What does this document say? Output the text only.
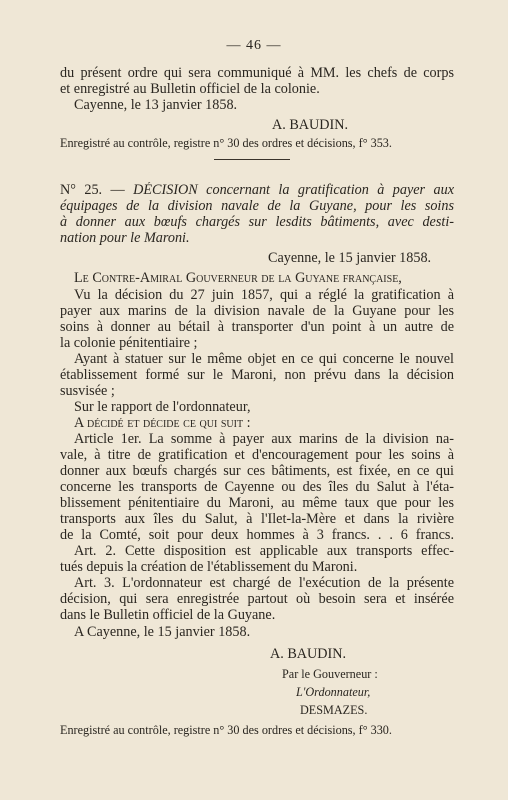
— 46 —
du présent ordre qui sera communiqué à MM. les chefs de corps
et enregistré au Bulletin officiel de la colonie.
Cayenne, le 13 janvier 1858.
A. BAUDIN.
Enregistré au contrôle, registre n° 30 des ordres et décisions, f° 353.
N° 25. — DÉCISION concernant la gratification à payer aux
équipages de la division navale de la Guyane, pour les soins
à donner aux bœufs chargés sur lesdits bâtiments, avec desti-
nation pour le Maroni.
Cayenne, le 15 janvier 1858.
Le Contre-Amiral Gouverneur de la Guyane française,
Vu la décision du 27 juin 1857, qui a réglé la gratification à
payer aux marins de la division navale de la Guyane pour les
soins à donner au bétail à transporter d'un point à un autre de
la colonie pénitentiaire ;
Ayant à statuer sur le même objet en ce qui concerne le nouvel
établissement formé sur le Maroni, non prévu dans la décision
susvisée ;
Sur le rapport de l'ordonnateur,
A décidé et décide ce qui suit :
Article 1er. La somme à payer aux marins de la division na-
vale, à titre de gratification et d'encouragement pour les soins à
donner aux bœufs chargés sur ces bâtiments, est fixée, en ce qui
concerne les transports de Cayenne ou des îles du Salut à l'éta-
blissement pénitentiaire du Maroni, au même taux que pour les
transports aux îles du Salut, à l'Ilet-la-Mère et dans la rivière
de la Comté, soit pour deux hommes à 3 francs. . . 6 francs.
Art. 2. Cette disposition est applicable aux transports effec-
tués depuis la création de l'établissement du Maroni.
Art. 3. L'ordonnateur est chargé de l'exécution de la présente
décision, qui sera enregistrée partout où besoin sera et insérée
dans le Bulletin officiel de la Guyane.
A Cayenne, le 15 janvier 1858.
A. BAUDIN.
Par le Gouverneur :
L'Ordonnateur,
DESMAZES.
Enregistré au contrôle, registre n° 30 des ordres et décisions, f° 330.
